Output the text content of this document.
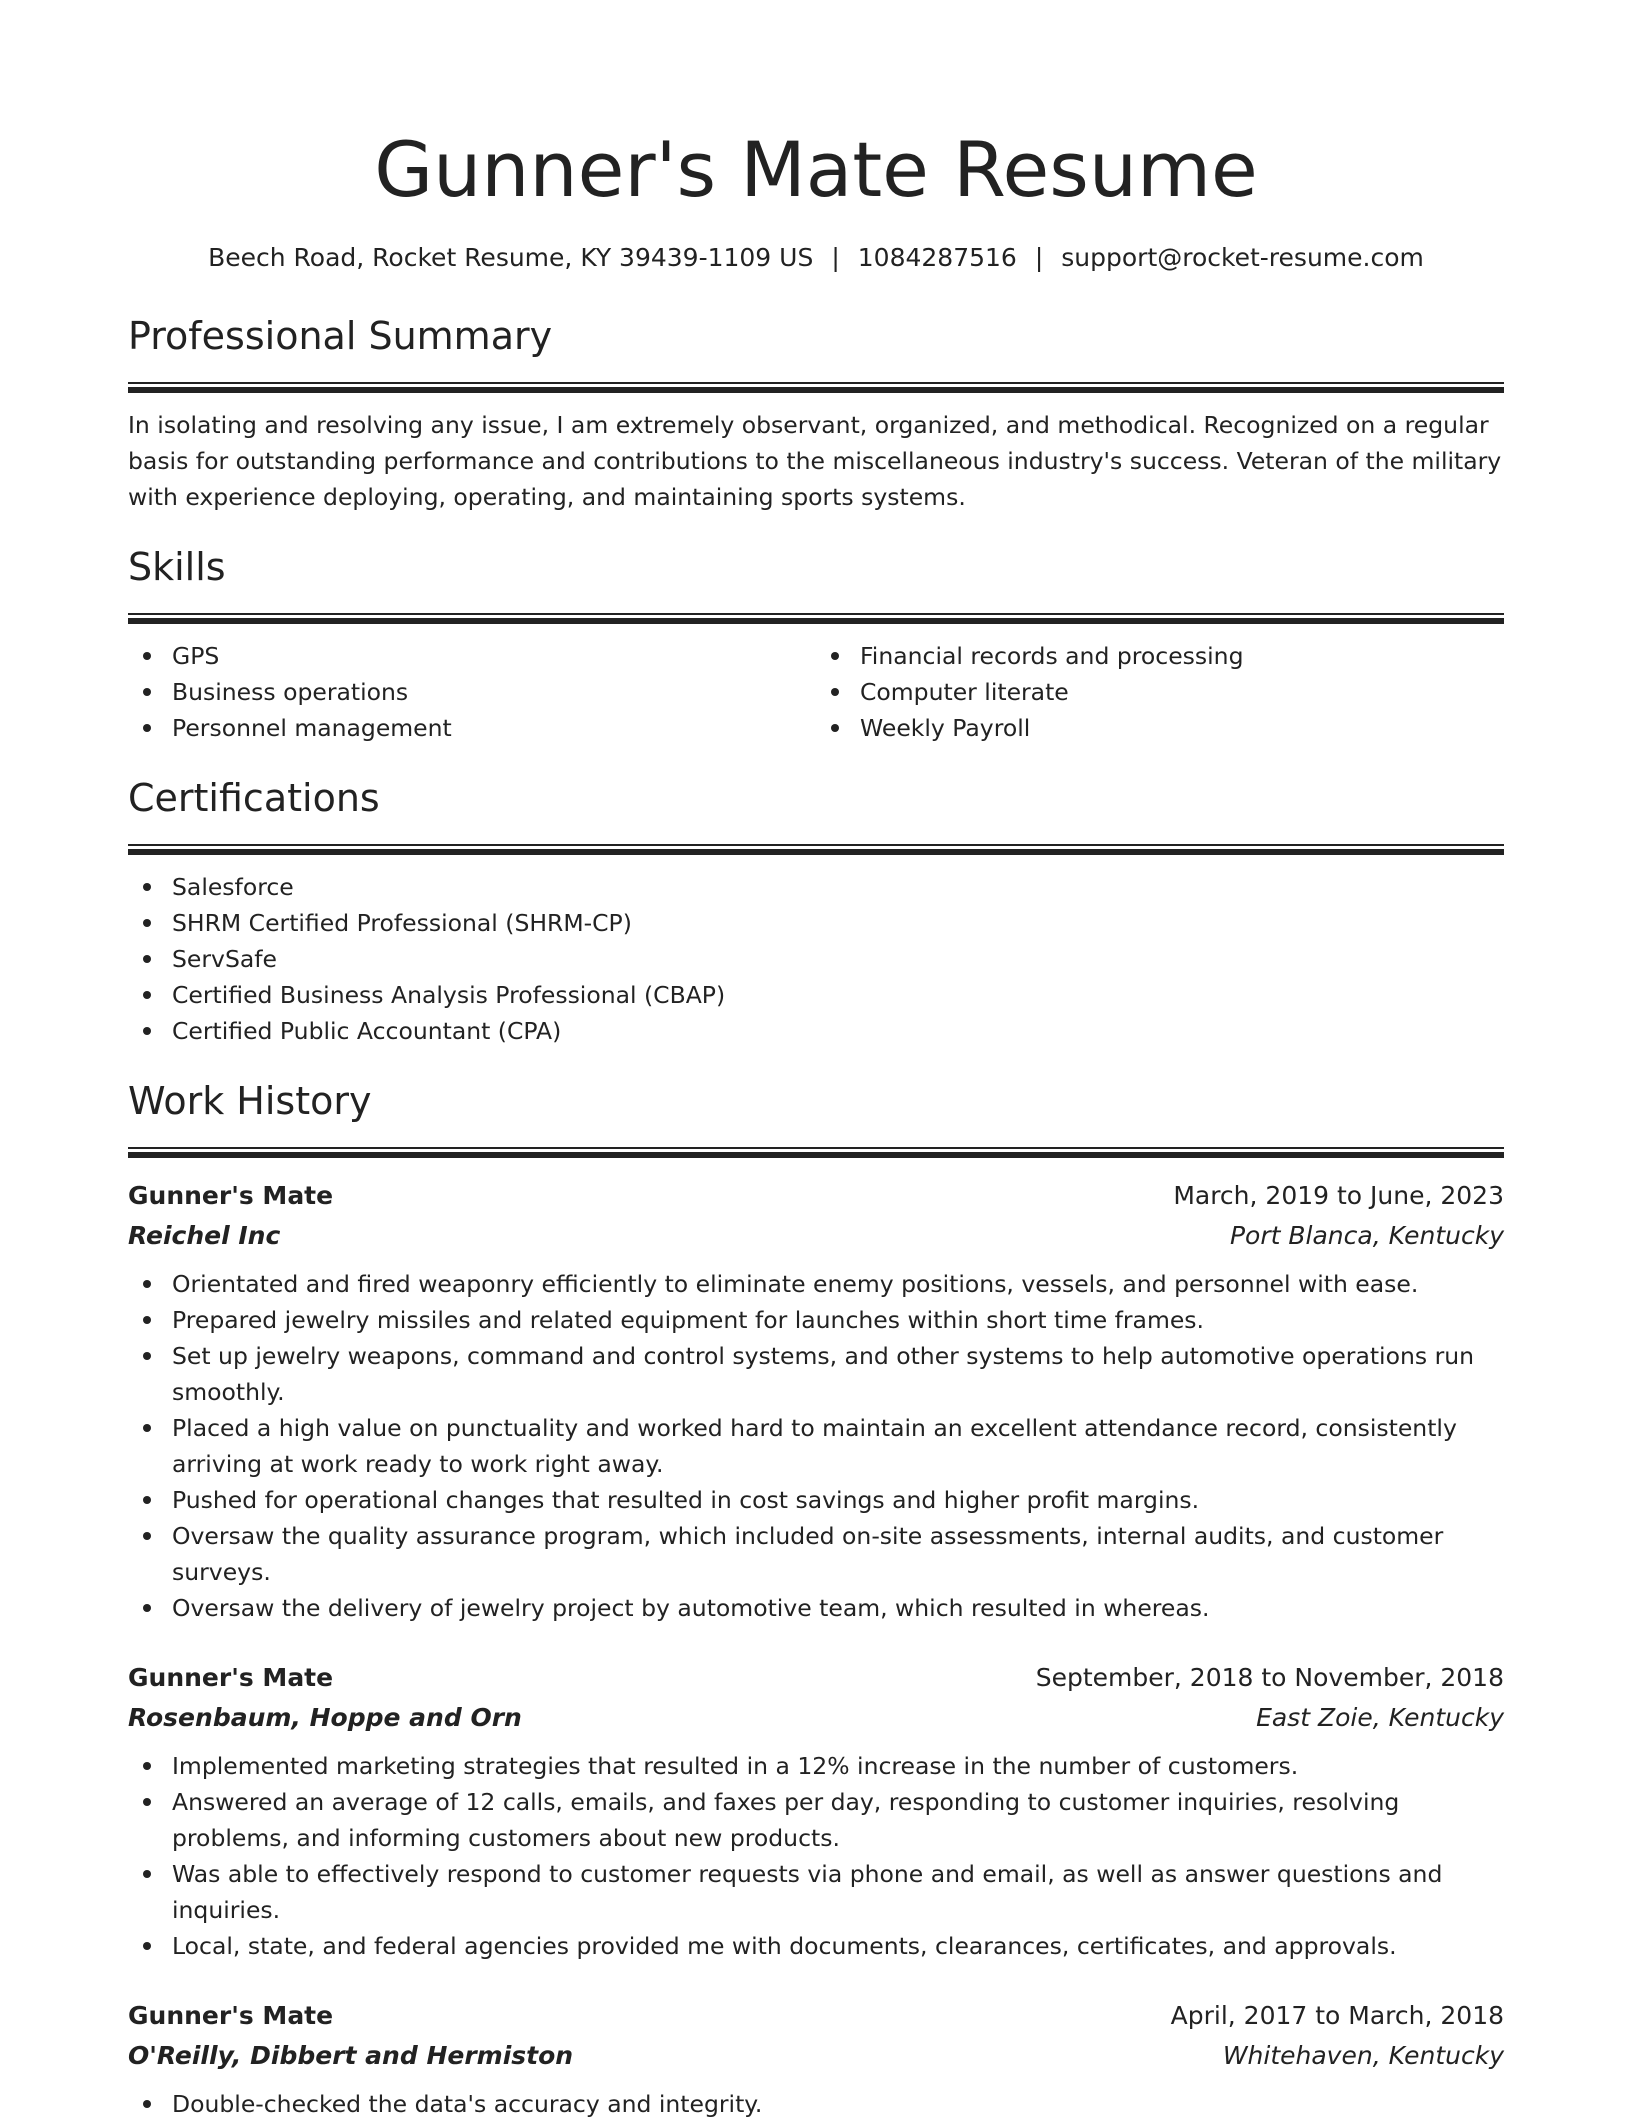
Gunner's Mate Resume
Beech Road, Rocket Resume, KY 39439-1109 US | 1084287516 | support@rocket-resume.com
Professional Summary
In isolating and resolving any issue, I am extremely observant, organized, and methodical. Recognized on a regular basis for outstanding performance and contributions to the miscellaneous industry's success. Veteran of the military with experience deploying, operating, and maintaining sports systems.
Skills
GPS
Business operations
Personnel management
Financial records and processing
Computer literate
Weekly Payroll
Certifications
Salesforce
SHRM Certified Professional (SHRM-CP)
ServSafe
Certified Business Analysis Professional (CBAP)
Certified Public Accountant (CPA)
Work History
Gunner's Mate	March, 2019 to June, 2023
Reichel Inc	Port Blanca, Kentucky
Orientated and fired weaponry efficiently to eliminate enemy positions, vessels, and personnel with ease.
Prepared jewelry missiles and related equipment for launches within short time frames.
Set up jewelry weapons, command and control systems, and other systems to help automotive operations run smoothly.
Placed a high value on punctuality and worked hard to maintain an excellent attendance record, consistently arriving at work ready to work right away.
Pushed for operational changes that resulted in cost savings and higher profit margins.
Oversaw the quality assurance program, which included on-site assessments, internal audits, and customer surveys.
Oversaw the delivery of jewelry project by automotive team, which resulted in whereas.
Gunner's Mate	September, 2018 to November, 2018
Rosenbaum, Hoppe and Orn	East Zoie, Kentucky
Implemented marketing strategies that resulted in a 12% increase in the number of customers.
Answered an average of 12 calls, emails, and faxes per day, responding to customer inquiries, resolving problems, and informing customers about new products.
Was able to effectively respond to customer requests via phone and email, as well as answer questions and inquiries.
Local, state, and federal agencies provided me with documents, clearances, certificates, and approvals.
Gunner's Mate	April, 2017 to March, 2018
O'Reilly, Dibbert and Hermiston	Whitehaven, Kentucky
Double-checked the data's accuracy and integrity.
